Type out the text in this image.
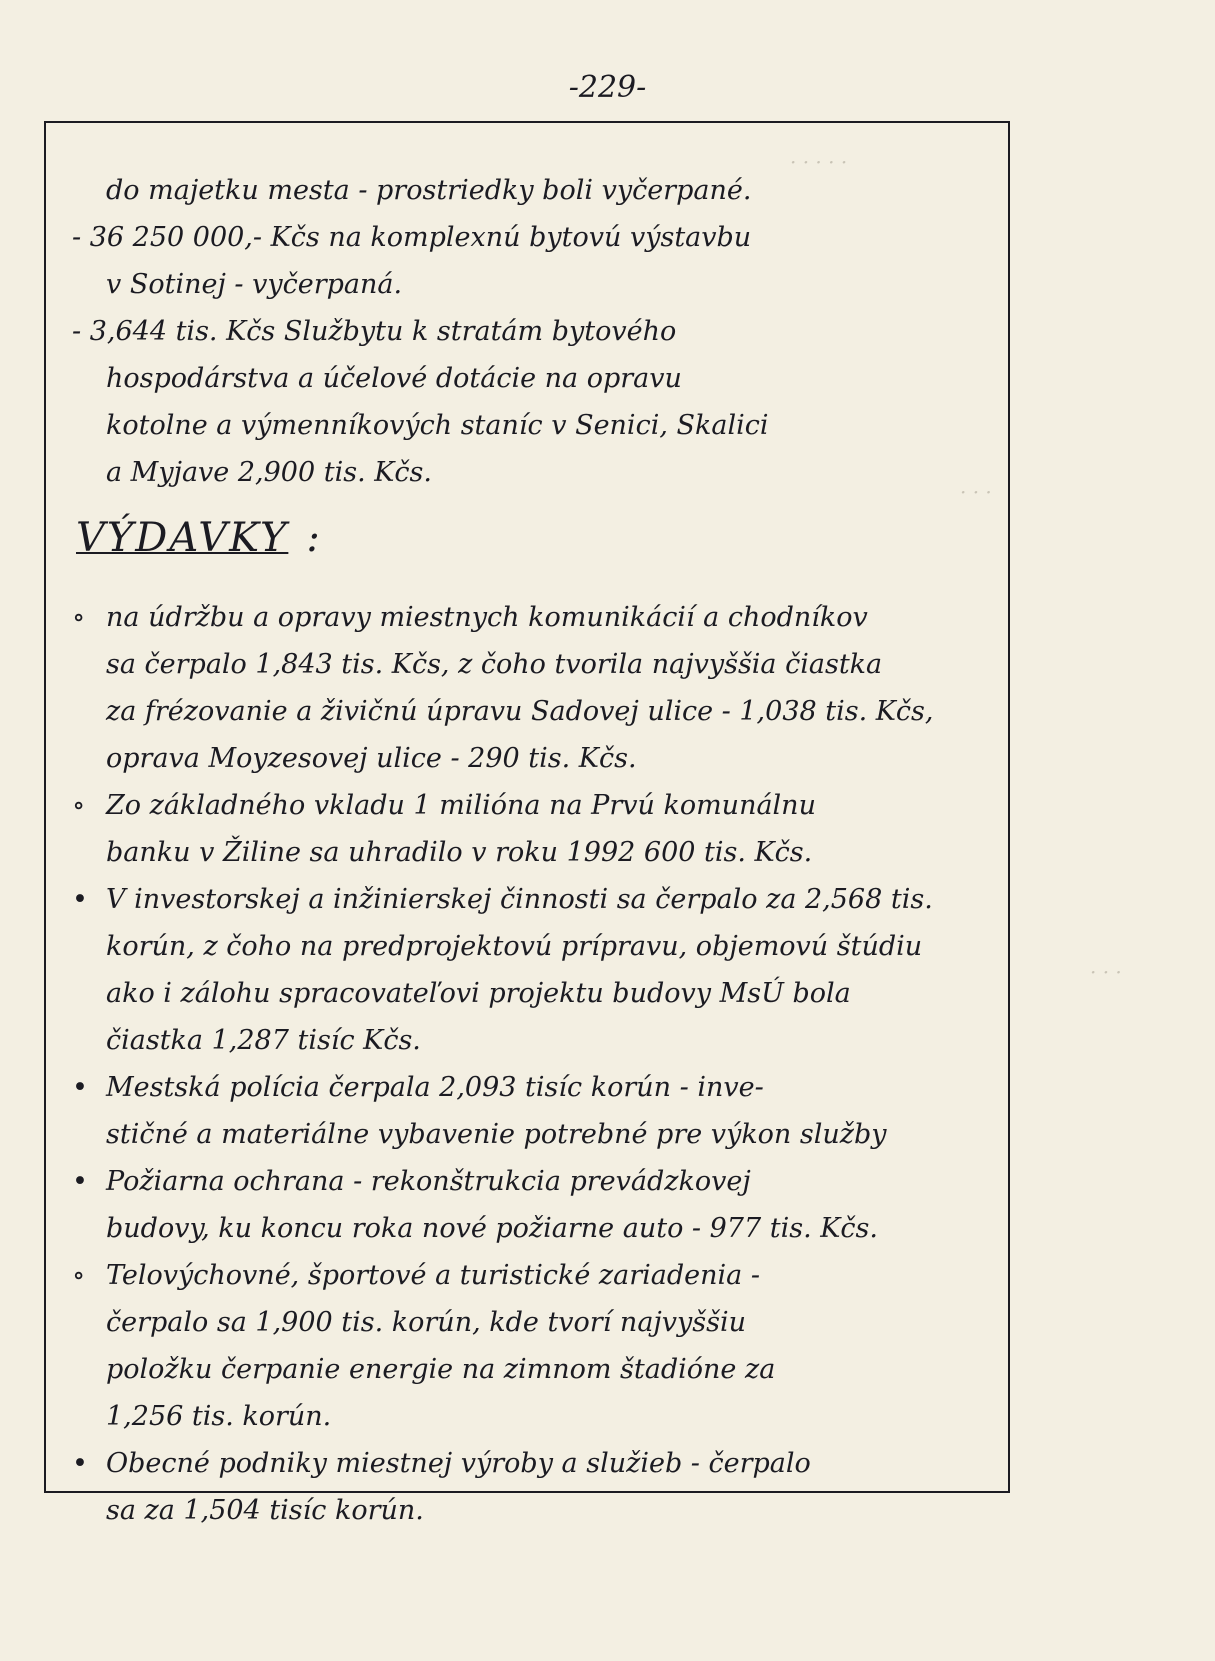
· · · · ·
· · ·
· · ·
-229-
do majetku mesta - prostriedky boli vyčerpané.
- 36 250 000,- Kčs na komplexnú bytovú výstavbu
v Sotinej - vyčerpaná.
- 3,644 tis. Kčs Službytu k stratám bytového
hospodárstva a účelové dotácie na opravu
kotolne a výmenníkových staníc v Senici, Skalici
a Myjave 2,900 tis. Kčs.
VÝDAVKY :
∘ na údržbu a opravy miestnych komunikácií a chodníkov
sa čerpalo 1,843 tis. Kčs, z čoho tvorila najvyššia čiastka
za frézovanie a živičnú úpravu Sadovej ulice - 1,038 tis. Kčs,
oprava Moyzesovej ulice - 290 tis. Kčs.
∘ Zo základného vkladu 1 milióna na Prvú komunálnu
banku v Žiline sa uhradilo v roku 1992 600 tis. Kčs.
• V investorskej a inžinierskej činnosti sa čerpalo za 2,568 tis.
korún, z čoho na predprojektovú prípravu, objemovú štúdiu
ako i zálohu spracovateľovi projektu budovy MsÚ bola
čiastka 1,287 tisíc Kčs.
• Mestská polícia čerpala 2,093 tisíc korún - inve-
stičné a materiálne vybavenie potrebné pre výkon služby
• Požiarna ochrana - rekonštrukcia prevádzkovej
budovy, ku koncu roka nové požiarne auto - 977 tis. Kčs.
∘ Telovýchovné, športové a turistické zariadenia -
čerpalo sa 1,900 tis. korún, kde tvorí najvyššiu
položku čerpanie energie na zimnom štadióne za
1,256 tis. korún.
• Obecné podniky miestnej výroby a služieb - čerpalo
sa za 1,504 tisíc korún.
